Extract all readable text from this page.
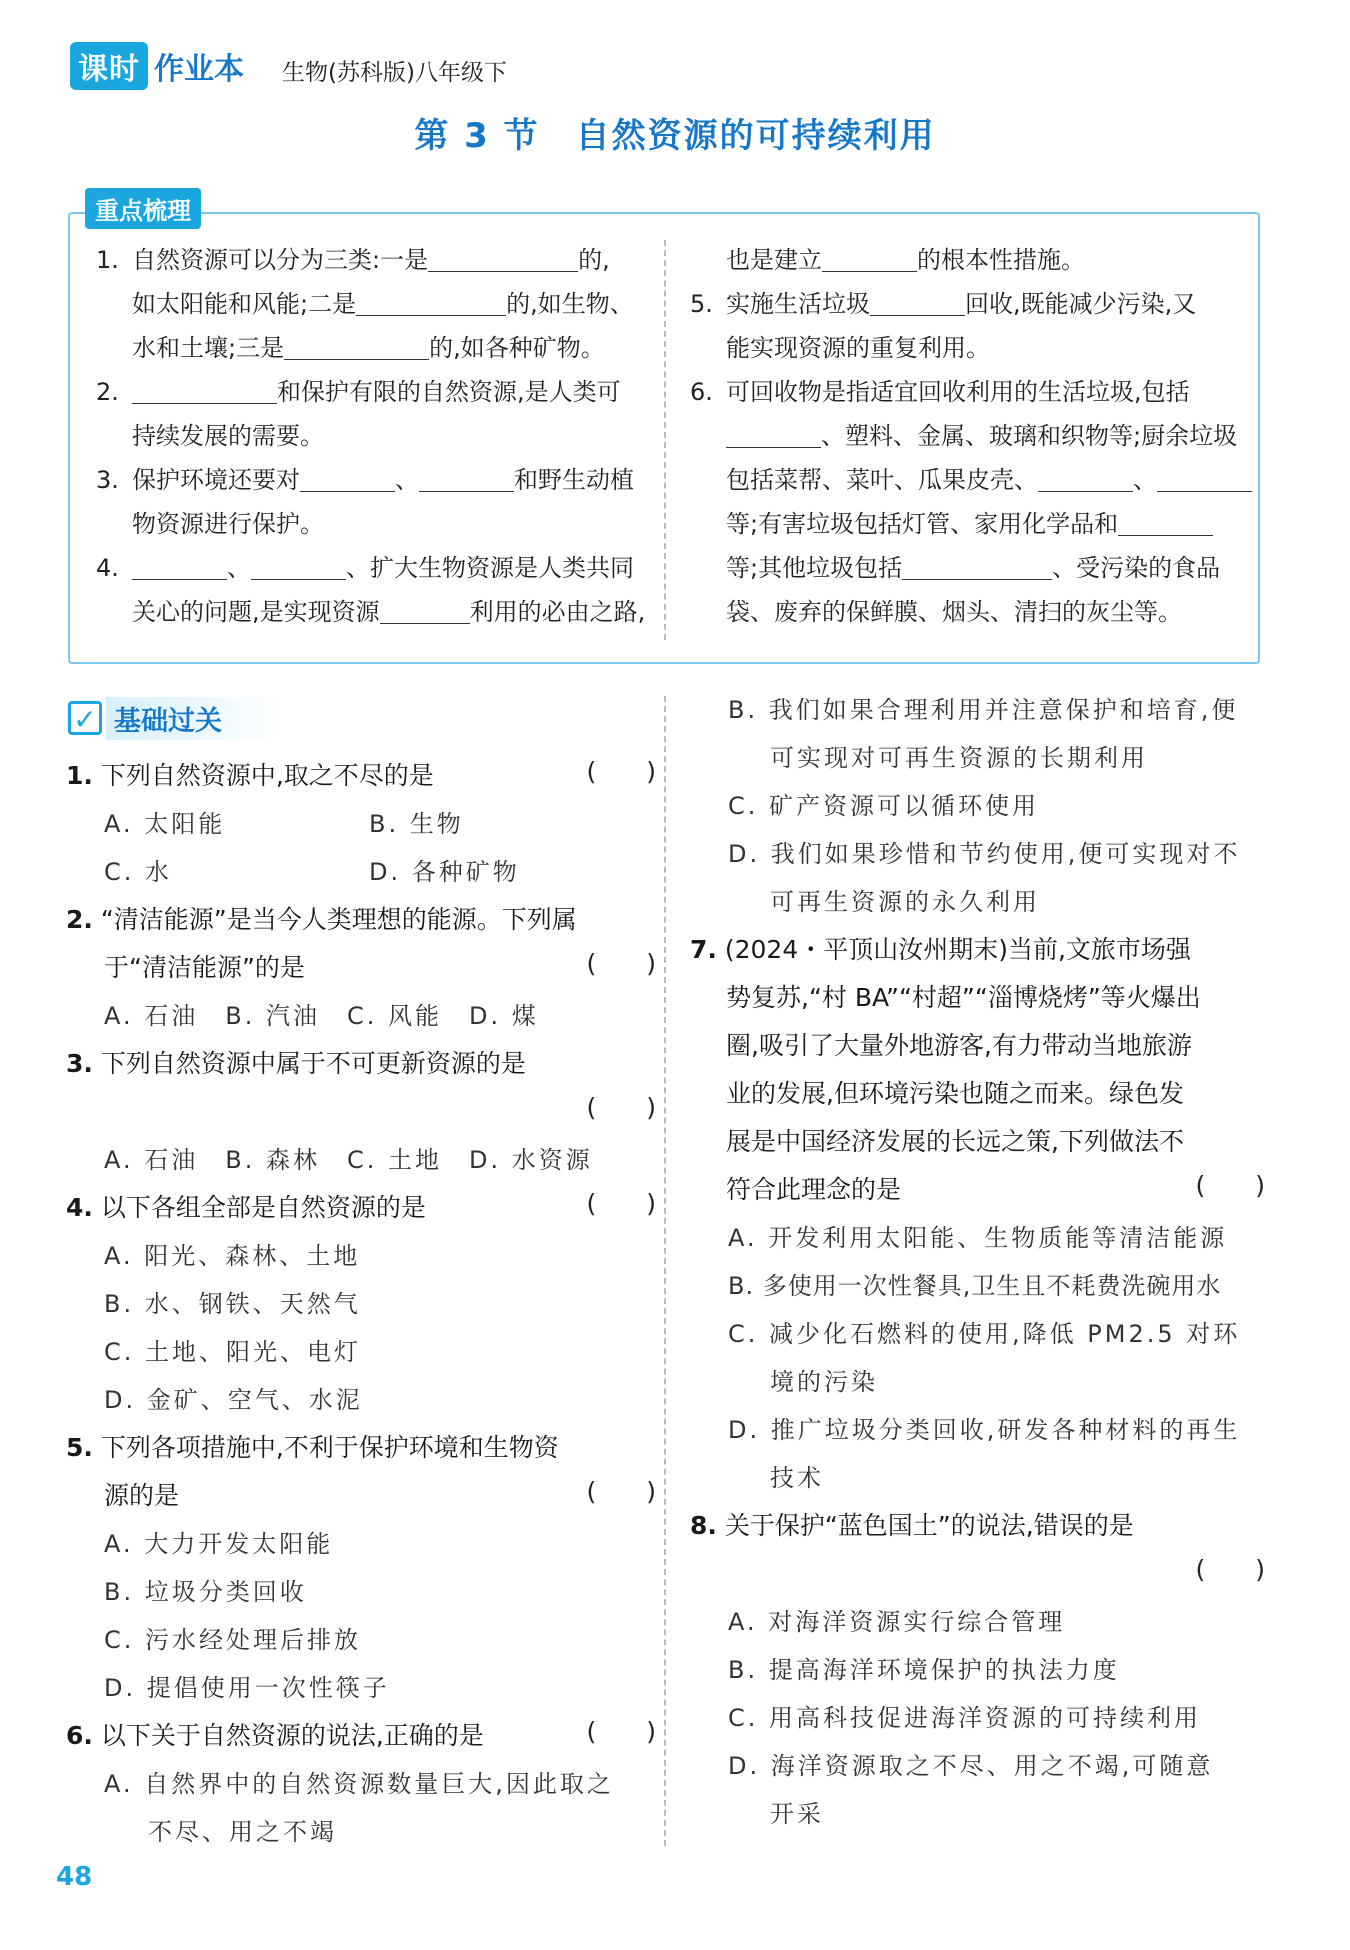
课时 作业本 生物(苏科版)八年级下
第 3 节　自然资源的可持续利用
重点梳理
1. 自然资源可以分为三类:一是	的,
如太阳能和风能;二是	的,如生物、
水和土壤;三是	的,如各种矿物。
2.	和保护有限的自然资源,是人类可
持续发展的需要。
3. 保护环境还要对	、	和野生动植
物资源进行保护。
4.	、	、扩大生物资源是人类共同
关心的问题,是实现资源	利用的必由之路,
也是建立	的根本性措施。
5. 实施生活垃圾	回收,既能减少污染,又
能实现资源的重复利用。
6. 可回收物是指适宜回收利用的生活垃圾,包括
、塑料、金属、玻璃和织物等;厨余垃圾
包括菜帮、菜叶、瓜果皮壳、	、
等;有害垃圾包括灯管、家用化学品和
等;其他垃圾包括	、受污染的食品
袋、废弃的保鲜膜、烟头、清扫的灰尘等。
✓ 基础过关
1. 下列自然资源中,取之不尽的是	(　　)
A. 太阳能	B. 生物
C. 水	D. 各种矿物
2. “清洁能源”是当今人类理想的能源。下列属
于“清洁能源”的是	(　　)
A. 石油　B. 汽油　C. 风能　D. 煤
3. 下列自然资源中属于不可更新资源的是
(　　)
A. 石油　B. 森林　C. 土地　D. 水资源
4. 以下各组全部是自然资源的是	(　　)
A. 阳光、森林、土地
B. 水、钢铁、天然气
C. 土地、阳光、电灯
D. 金矿、空气、水泥
5. 下列各项措施中,不利于保护环境和生物资
源的是	(　　)
A. 大力开发太阳能
B. 垃圾分类回收
C. 污水经处理后排放
D. 提倡使用一次性筷子
6. 以下关于自然资源的说法,正确的是	(　　)
A. 自然界中的自然资源数量巨大,因此取之
不尽、用之不竭
B. 我们如果合理利用并注意保护和培育,便
可实现对可再生资源的长期利用
C. 矿产资源可以循环使用
D. 我们如果珍惜和节约使用,便可实现对不
可再生资源的永久利用
7. (2024・平顶山汝州期末)当前,文旅市场强
势复苏,“村 BA”“村超”“淄博烧烤”等火爆出
圈,吸引了大量外地游客,有力带动当地旅游
业的发展,但环境污染也随之而来。绿色发
展是中国经济发展的长远之策,下列做法不
符合此理念的是	(　　)
A. 开发利用太阳能、生物质能等清洁能源
B. 多使用一次性餐具,卫生且不耗费洗碗用水
C. 减少化石燃料的使用,降低 PM2.5 对环
境的污染
D. 推广垃圾分类回收,研发各种材料的再生
技术
8. 关于保护“蓝色国土”的说法,错误的是
(　　)
A. 对海洋资源实行综合管理
B. 提高海洋环境保护的执法力度
C. 用高科技促进海洋资源的可持续利用
D. 海洋资源取之不尽、用之不竭,可随意
开采
48
